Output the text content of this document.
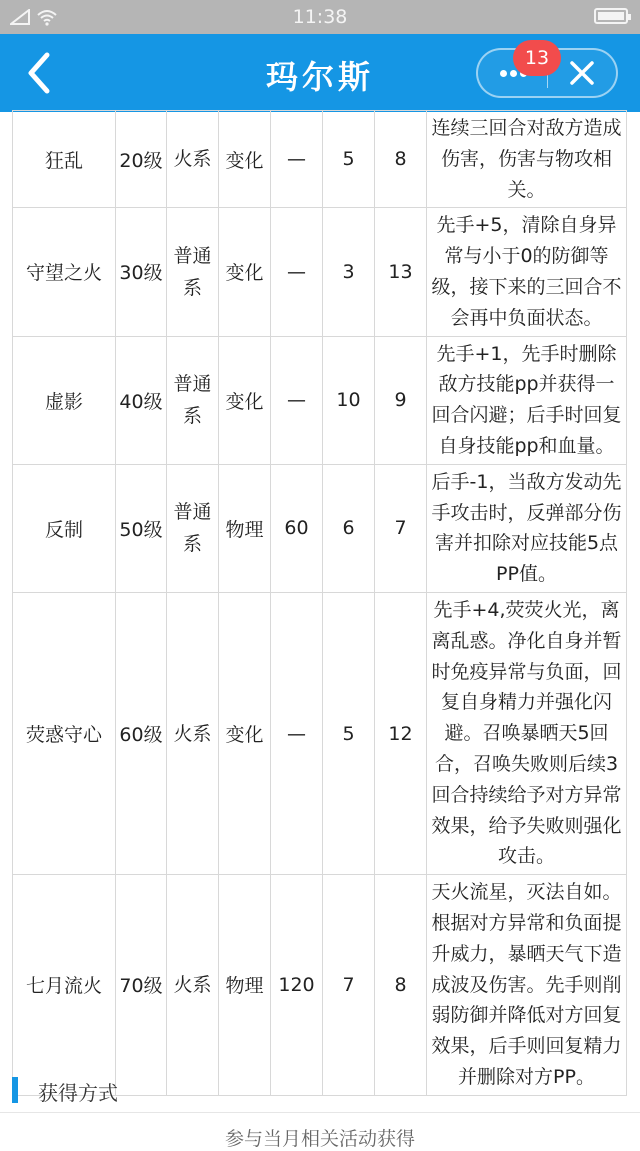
11:38
玛尔斯	13
狂乱	20级	火系	变化	—	5	8	连续三回合对敌方造成伤害，伤害与物攻相关。
守望之火	30级	普通系	变化	—	3	13	先手+5，清除自身异常与小于0的防御等级，接下来的三回合不会再中负面状态。
虚影	40级	普通系	变化	—	10	9	先手+1，先手时删除敌方技能pp并获得一回合闪避；后手时回复自身技能pp和血量。
反制	50级	普通系	物理	60	6	7	后手-1，当敌方发动先手攻击时，反弹部分伤害并扣除对应技能5点PP值。
荧惑守心	60级	火系	变化	—	5	12	先手+4,荧荧火光，离离乱惑。净化自身并暂时免疫异常与负面，回复自身精力并强化闪避。召唤暴晒天5回合，召唤失败则后续3回合持续给予对方异常效果，给予失败则强化攻击。
七月流火	70级	火系	物理	120	7	8	天火流星，灭法自如。根据对方异常和负面提升威力，暴晒天气下造成波及伤害。先手则削弱防御并降低对方回复效果，后手则回复精力并删除对方PP。
获得方式
参与当月相关活动获得
